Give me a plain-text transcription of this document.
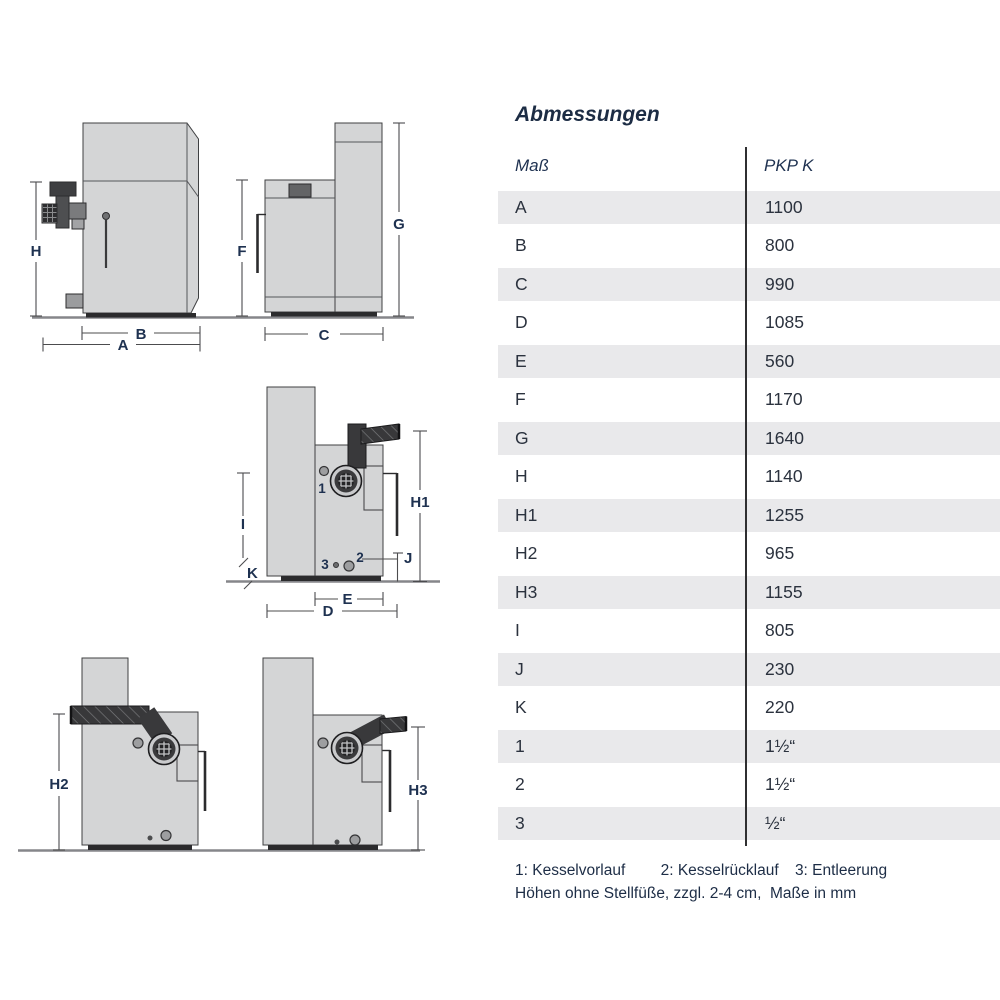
H
B
A
F
G
C
1
3 2
H1
I
K
J
E
D
H2	H3
Abmessungen
Maß	PKP K
A	1100
B	800
C	990
D	1085
E	560
F	1170
G	1640
H	1140
H1	1255
H2	965
H3	1155
I	805
J	230
K	220
1	1½“
2	1½“
3	½“
1: Kesselvorlauf 2: Kesselrücklauf 3: Entleerung
Höhen ohne Stellfüße, zzgl. 2-4 cm,  Maße in mm
